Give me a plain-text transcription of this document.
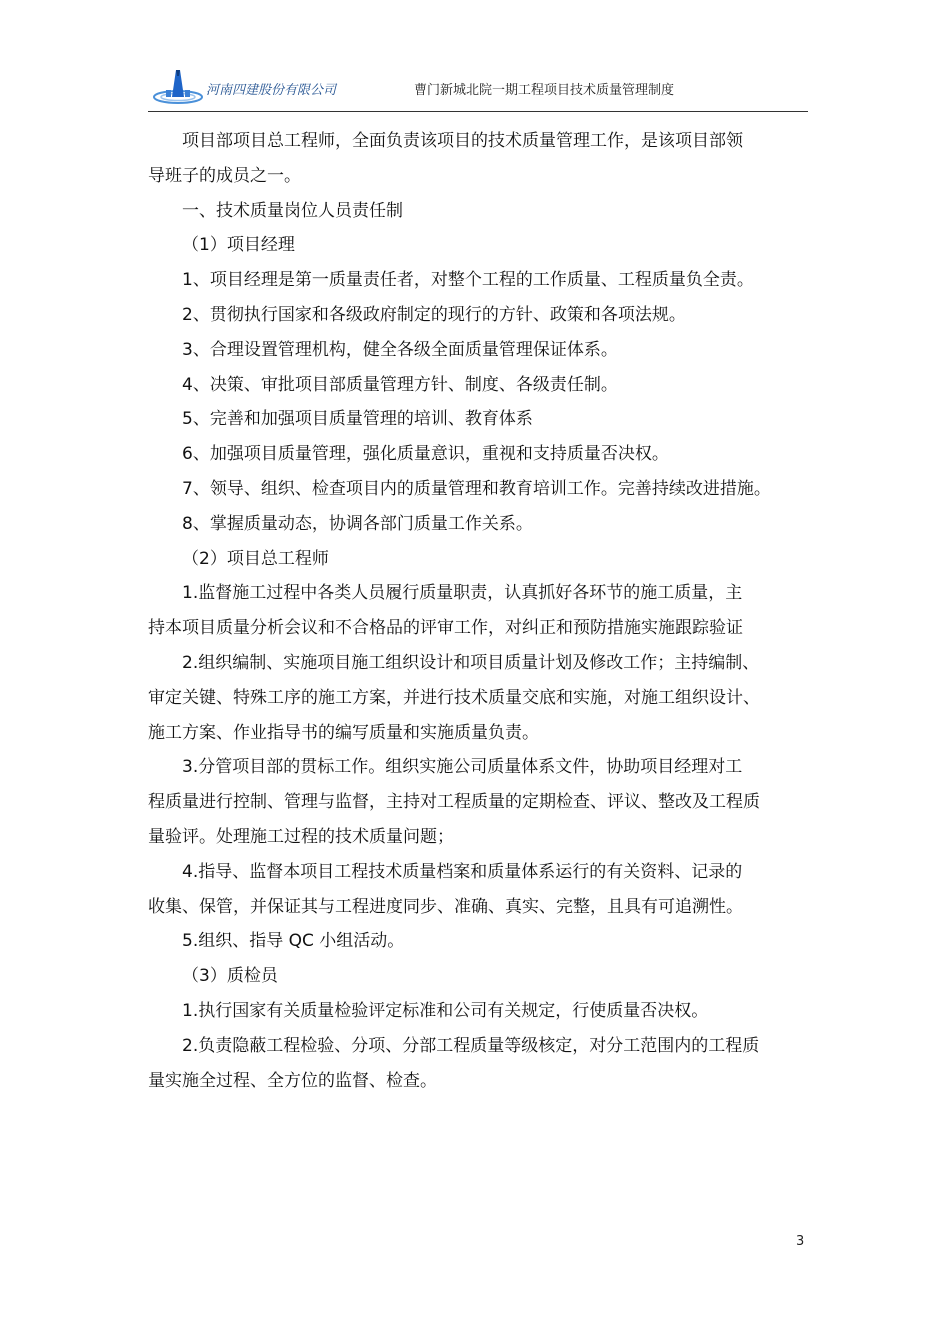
河南四建股份有限公司	曹门新城北院一期工程项目技术质量管理制度

项目部项目总工程师，全面负责该项目的技术质量管理工作，是该项目部领

导班子的成员之一。

一、技术质量岗位人员责任制

（1）项目经理

1、项目经理是第一质量责任者，对整个工程的工作质量、工程质量负全责。

2、贯彻执行国家和各级政府制定的现行的方针、政策和各项法规。

3、合理设置管理机构，健全各级全面质量管理保证体系。

4、决策、审批项目部质量管理方针、制度、各级责任制。

5、完善和加强项目质量管理的培训、教育体系

6、加强项目质量管理，强化质量意识，重视和支持质量否决权。

7、领导、组织、检查项目内的质量管理和教育培训工作。完善持续改进措施。

8、掌握质量动态，协调各部门质量工作关系。

（2）项目总工程师

1.监督施工过程中各类人员履行质量职责，认真抓好各环节的施工质量，主

持本项目质量分析会议和不合格品的评审工作，对纠正和预防措施实施跟踪验证

2.组织编制、实施项目施工组织设计和项目质量计划及修改工作；主持编制、

审定关键、特殊工序的施工方案，并进行技术质量交底和实施，对施工组织设计、

施工方案、作业指导书的编写质量和实施质量负责。

3.分管项目部的贯标工作。组织实施公司质量体系文件，协助项目经理对工

程质量进行控制、管理与监督，主持对工程质量的定期检查、评议、整改及工程质

量验评。处理施工过程的技术质量问题；

4.指导、监督本项目工程技术质量档案和质量体系运行的有关资料、记录的

收集、保管，并保证其与工程进度同步、准确、真实、完整，且具有可追溯性。

5.组织、指导 QC 小组活动。

（3）质检员

1.执行国家有关质量检验评定标准和公司有关规定，行使质量否决权。

2.负责隐蔽工程检验、分项、分部工程质量等级核定，对分工范围内的工程质

量实施全过程、全方位的监督、检查。

3
